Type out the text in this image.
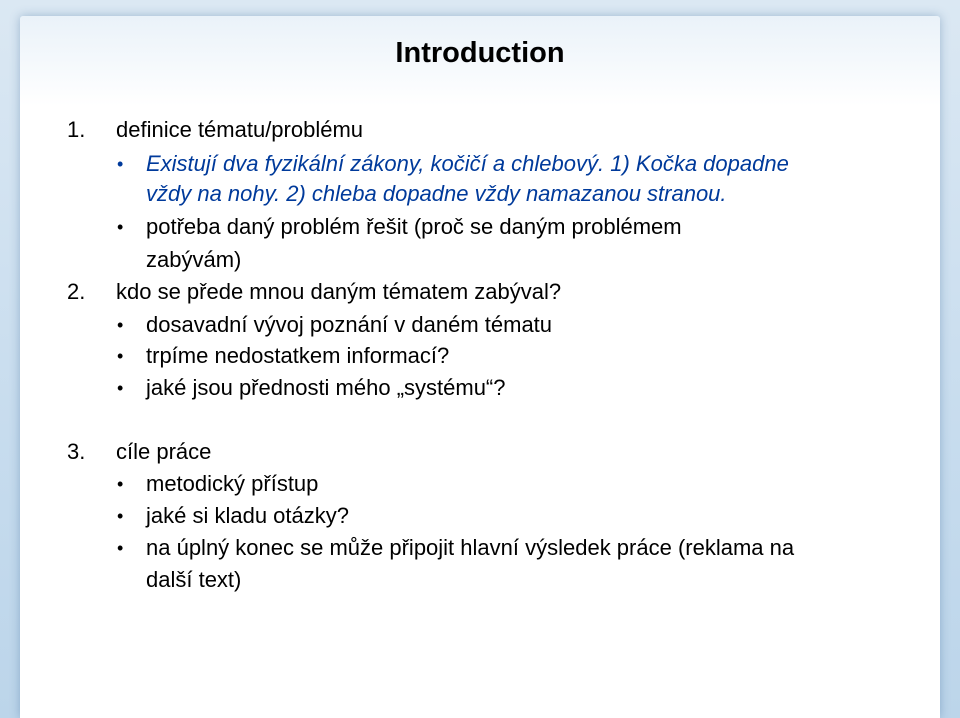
Introduction
1. definice tématu/problému
• Existují dva fyzikální zákony, kočičí a chlebový. 1) Kočka dopadne
vždy na nohy. 2) chleba dopadne vždy namazanou stranou.
• potřeba daný problém řešit (proč se daným problémem
zabývám)
2. kdo se přede mnou daným tématem zabýval?
• dosavadní vývoj poznání v daném tématu
• trpíme nedostatkem informací?
• jaké jsou přednosti mého „systému“?
3. cíle práce
• metodický přístup
• jaké si kladu otázky?
• na úplný konec se může připojit hlavní výsledek práce (reklama na
další text)
